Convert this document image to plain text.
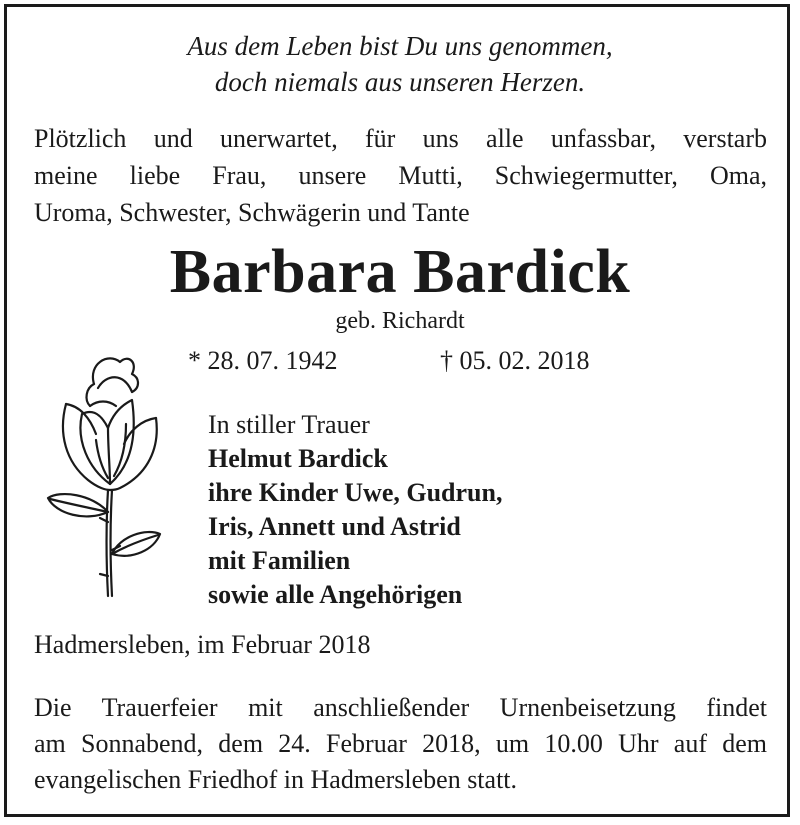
Aus dem Leben bist Du uns genommen,
doch niemals aus unseren Herzen.
Plötzlich und unerwartet, für uns alle unfassbar, verstarb
meine liebe Frau, unsere Mutti, Schwiegermutter, Oma,
Uroma, Schwester, Schwägerin und Tante
Barbara Bardick
geb. Richardt
* 28. 07. 1942	† 05. 02. 2018
In stiller Trauer
Helmut Bardick
ihre Kinder Uwe, Gudrun,
Iris, Annett und Astrid
mit Familien
sowie alle Angehörigen
Hadmersleben, im Februar 2018
Die Trauerfeier mit anschließender Urnenbeisetzung findet
am Sonnabend, dem 24. Februar 2018, um 10.00 Uhr auf dem
evangelischen Friedhof in Hadmersleben statt.
